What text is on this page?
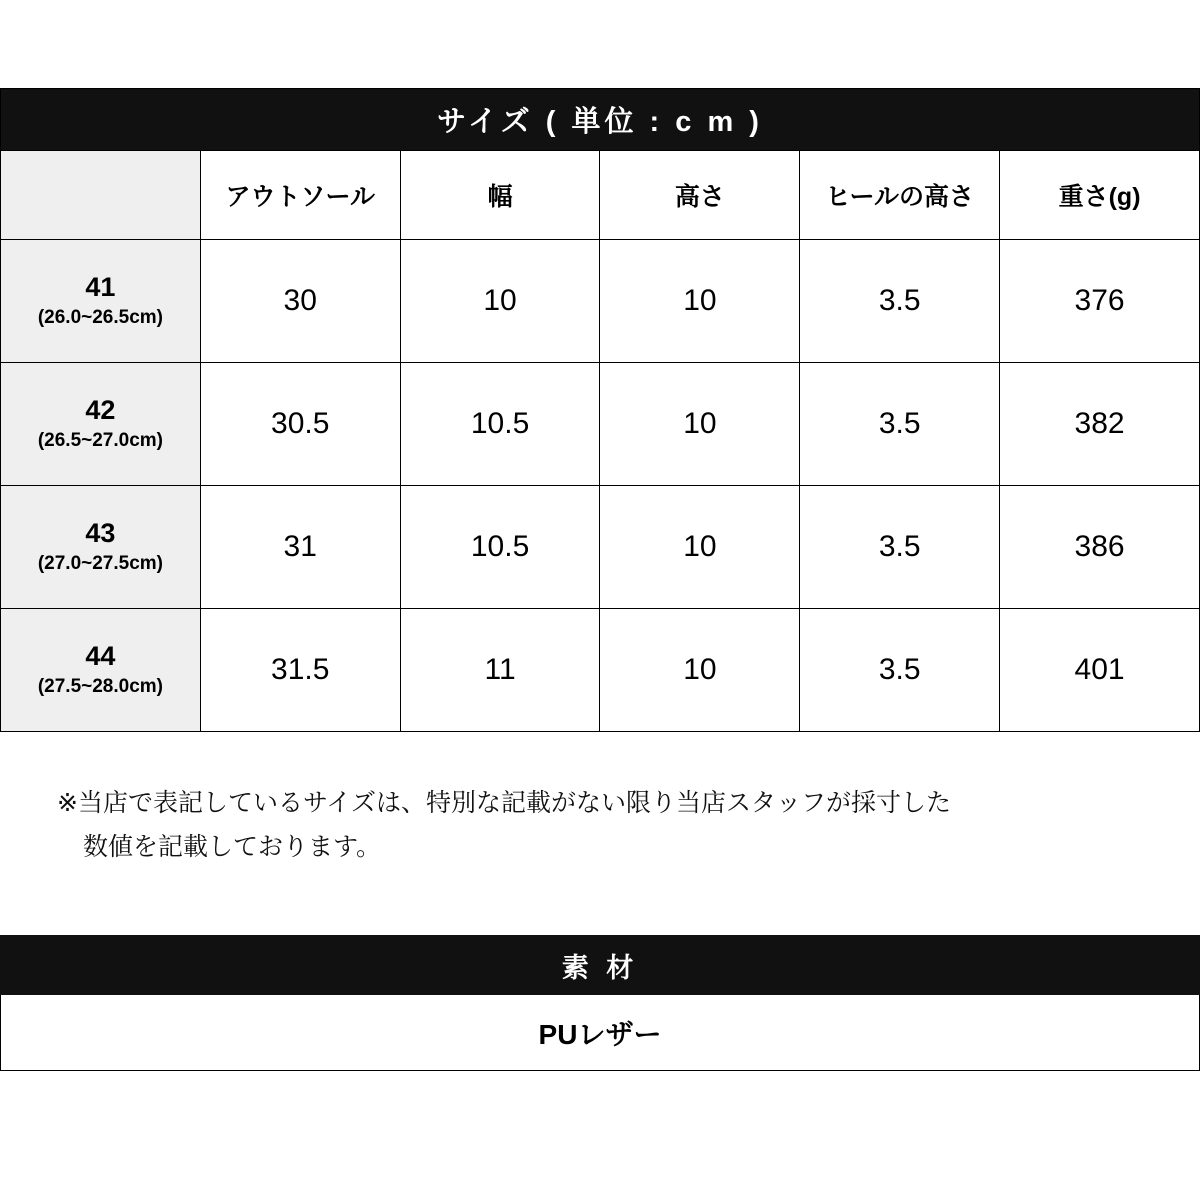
サイズ ( 単位 : c m )					
	アウトソール	幅	高さ	ヒールの高さ	重さ(g)

41
(26.0~26.5cm)	30	10	10	3.5	376

42
(26.5~27.0cm)	30.5	10.5	10	3.5	382

43
(27.0~27.5cm)	31	10.5	10	3.5	386

44
(27.5~28.0cm)	31.5	11	10	3.5	401
※当店で表記しているサイズは、特別な記載がない限り当店スタッフが採寸した
数値を記載しております。
素 材
PUレザー
